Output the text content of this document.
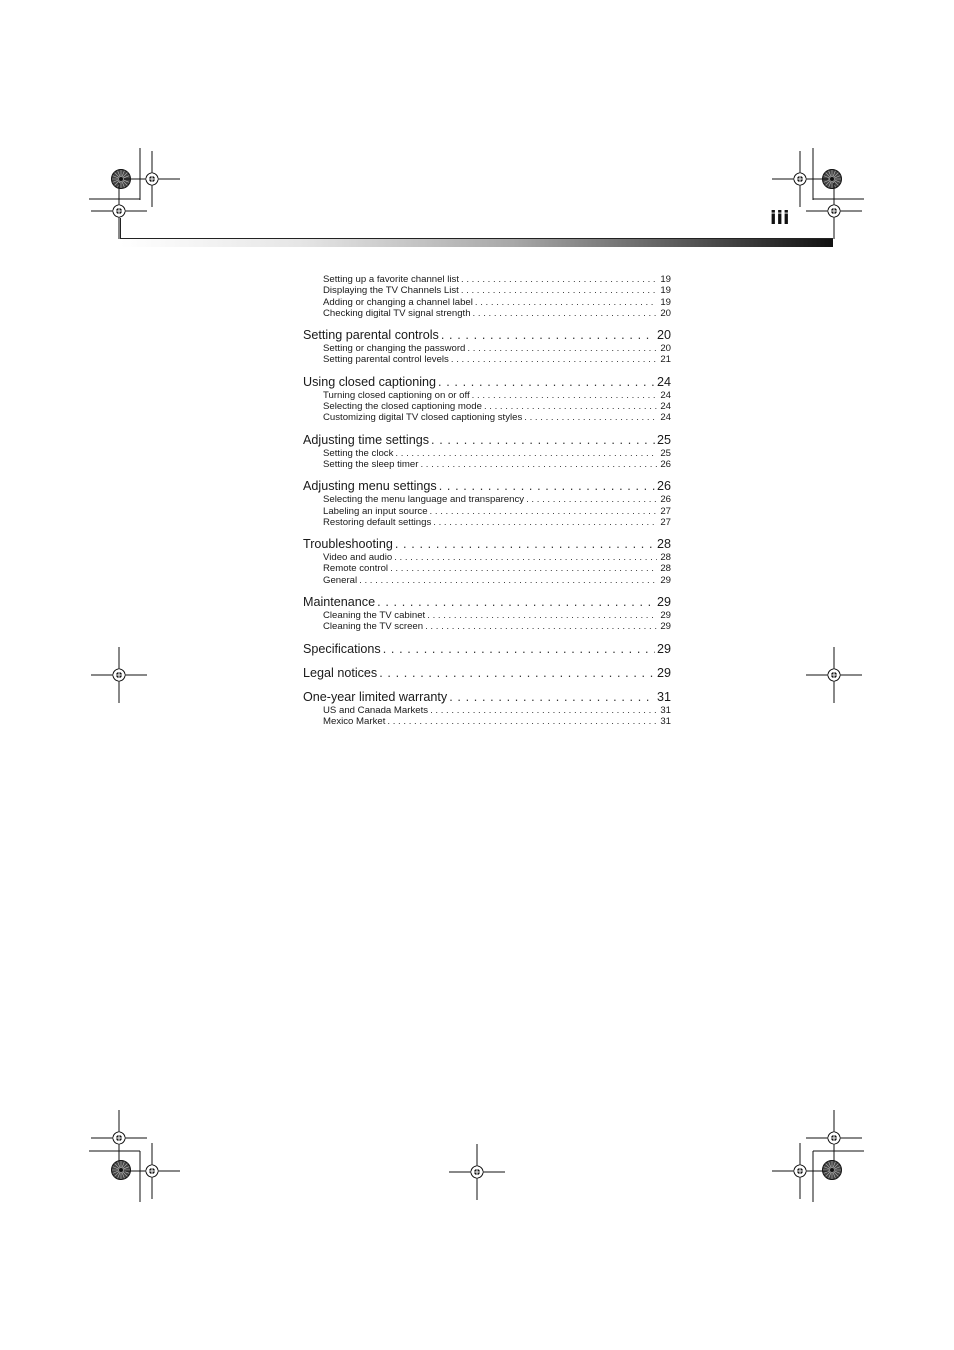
iii
Setting up a favorite channel list . . .	19
Displaying the TV Channels List . . .	19
Adding or changing a channel label . . .	19
Checking digital TV signal strength . . .	20
Setting parental controls . . .	20
Setting or changing the password . . .	20
Setting parental control levels . . .	21
Using closed captioning . . .	24
Turning closed captioning on or off . . .	24
Selecting the closed captioning mode . . .	24
Customizing digital TV closed captioning styles . . .	24
Adjusting time settings . . .	25
Setting the clock . . .	25
Setting the sleep timer . . .	26
Adjusting menu settings . . .	26
Selecting the menu language and transparency . . .	26
Labeling an input source . . .	27
Restoring default settings . . .	27
Troubleshooting . . .	28
Video and audio . . .	28
Remote control . . .	28
General . . .	29
Maintenance . . .	29
Cleaning the TV cabinet . . .	29
Cleaning the TV screen . . .	29
Specifications . . .	29
Legal notices . . .	29
One-year limited warranty . . .	31
US and Canada Markets . . .	31
Mexico Market . . .	31
